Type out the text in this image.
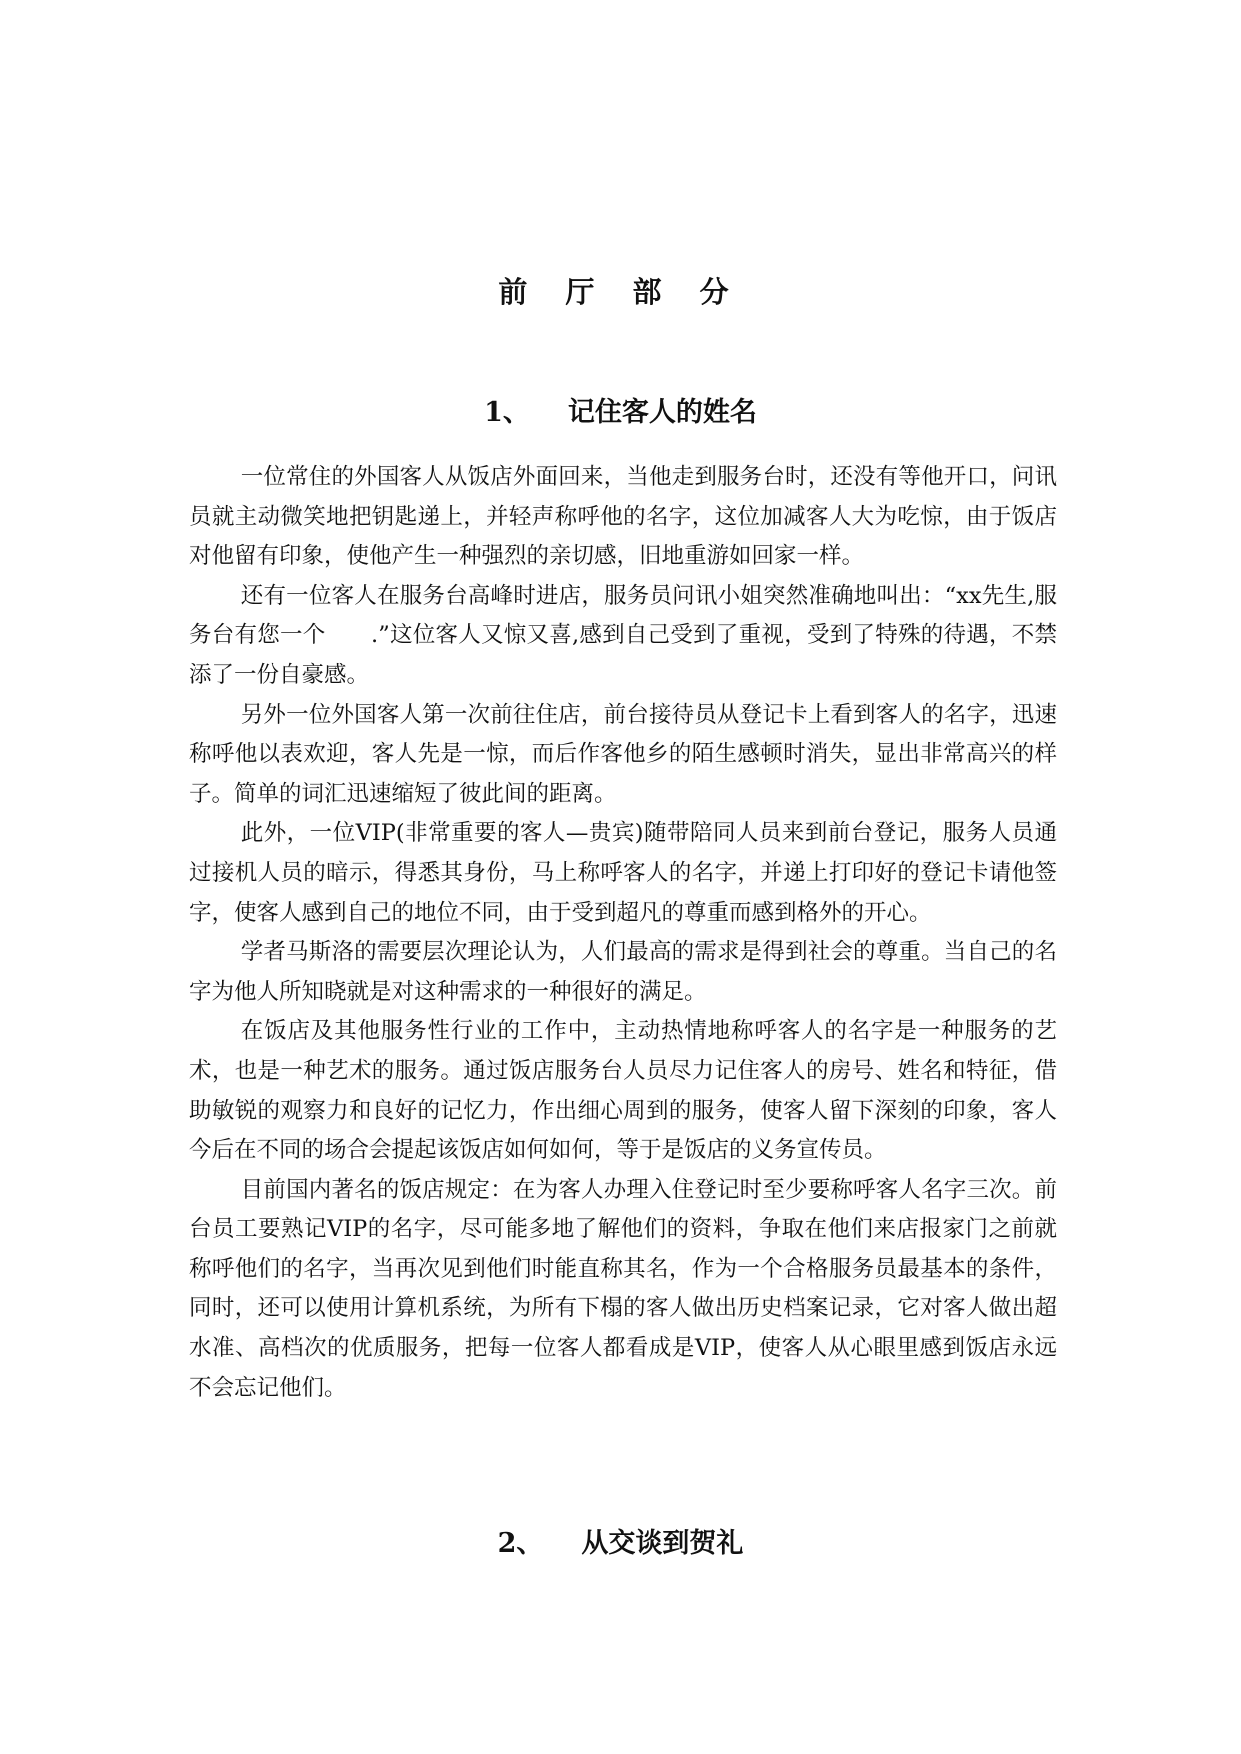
前 厅 部 分
1、 记住客人的姓名

一位常住的外国客人从饭店外面回来，当他走到服务台时，还没有等他开口，问讯员就主动微笑地把钥匙递上，并轻声称呼他的名字，这位加减客人大为吃惊，由于饭店对他留有印象，使他产生一种强烈的亲切感，旧地重游如回家一样。

还有一位客人在服务台高峰时进店，服务员问讯小姐突然准确地叫出：“xx先生,服务台有您一个　　.”这位客人又惊又喜,感到自己受到了重视，受到了特殊的待遇，不禁添了一份自豪感。

另外一位外国客人第一次前往住店，前台接待员从登记卡上看到客人的名字，迅速称呼他以表欢迎，客人先是一惊，而后作客他乡的陌生感顿时消失，显出非常高兴的样子。简单的词汇迅速缩短了彼此间的距离。

此外，一位VIP(非常重要的客人—贵宾)随带陪同人员来到前台登记，服务人员通过接机人员的暗示，得悉其身份，马上称呼客人的名字，并递上打印好的登记卡请他签字，使客人感到自己的地位不同，由于受到超凡的尊重而感到格外的开心。

学者马斯洛的需要层次理论认为，人们最高的需求是得到社会的尊重。当自己的名字为他人所知晓就是对这种需求的一种很好的满足。

在饭店及其他服务性行业的工作中，主动热情地称呼客人的名字是一种服务的艺术，也是一种艺术的服务。通过饭店服务台人员尽力记住客人的房号、姓名和特征，借助敏锐的观察力和良好的记忆力，作出细心周到的服务，使客人留下深刻的印象，客人今后在不同的场合会提起该饭店如何如何，等于是饭店的义务宣传员。

目前国内著名的饭店规定：在为客人办理入住登记时至少要称呼客人名字三次。前台员工要熟记VIP的名字，尽可能多地了解他们的资料，争取在他们来店报家门之前就称呼他们的名字，当再次见到他们时能直称其名，作为一个合格服务员最基本的条件，同时，还可以使用计算机系统，为所有下榻的客人做出历史档案记录，它对客人做出超水准、高档次的优质服务，把每一位客人都看成是VIP，使客人从心眼里感到饭店永远不会忘记他们。

2、 从交谈到贺礼
